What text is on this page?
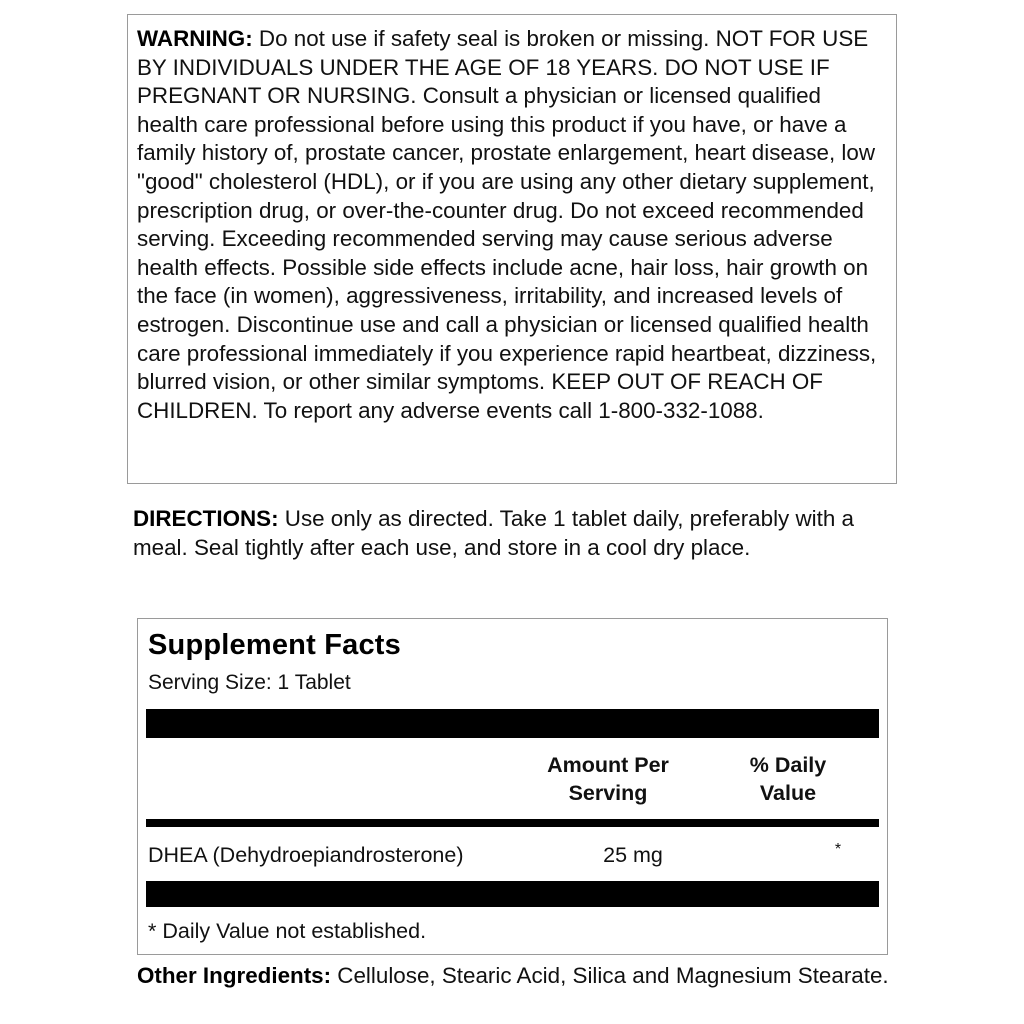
WARNING: Do not use if safety seal is broken or missing. NOT FOR USE BY INDIVIDUALS UNDER THE AGE OF 18 YEARS. DO NOT USE IF PREGNANT OR NURSING. Consult a physician or licensed qualified health care professional before using this product if you have, or have a family history of, prostate cancer, prostate enlargement, heart disease, low "good" cholesterol (HDL), or if you are using any other dietary supplement, prescription drug, or over-the-counter drug. Do not exceed recommended serving. Exceeding recommended serving may cause serious adverse health effects. Possible side effects include acne, hair loss, hair growth on the face (in women), aggressiveness, irritability, and increased levels of estrogen. Discontinue use and call a physician or licensed qualified health care professional immediately if you experience rapid heartbeat, dizziness, blurred vision, or other similar symptoms. KEEP OUT OF REACH OF CHILDREN. To report any adverse events call 1-800-332-1088.
DIRECTIONS: Use only as directed. Take 1 tablet daily, preferably with a meal. Seal tightly after each use, and store in a cool dry place.
Supplement Facts
Serving Size: 1 Tablet
Amount Per
Serving
% Daily
Value
DHEA (Dehydroepiandrosterone)	25 mg	*
* Daily Value not established.
Other Ingredients: Cellulose, Stearic Acid, Silica and Magnesium Stearate.
